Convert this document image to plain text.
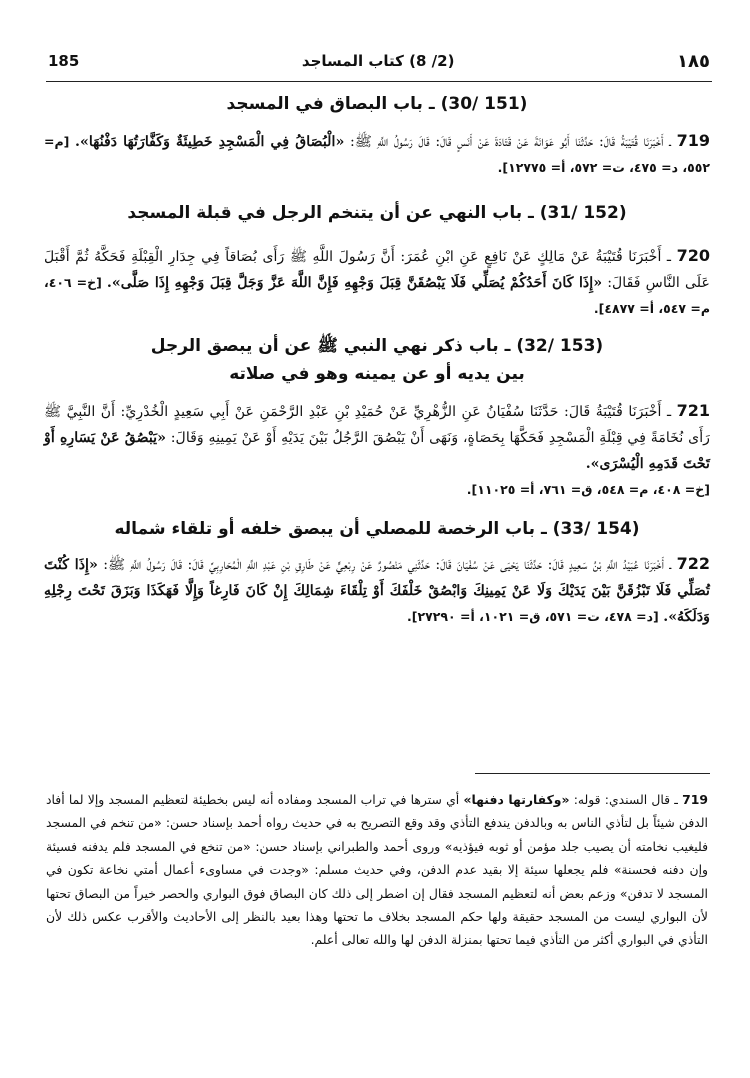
185	(2/ 8) كتاب المساجد	١٨٥

(151 /30) ـ باب البصاق في المسجد

719 ـ أَخْبَرَنَا قُتَيْبَةُ قَالَ: حَدَّثَنَا أَبُو عَوَانَةَ عَنْ قَتَادَةَ عَنْ أَنَسٍ قَالَ: قَالَ رَسُولُ اللَّهِ ﷺ: «الْبُصَاقُ فِي الْمَسْجِدِ خَطِيئَةٌ وَكَفَّارَتُهَا دَفْنُهَا». [م= ٥٥٢، د= ٤٧٥، ت= ٥٧٢، أ= ١٢٧٧٥].

(152 /31) ـ باب النهي عن أن يتنخم الرجل في قبلة المسجد

720 ـ أَخْبَرَنَا قُتَيْبَةُ عَنْ مَالِكٍ عَنْ نَافِعٍ عَنِ ابْنِ عُمَرَ: أَنَّ رَسُولَ اللَّهِ ﷺ رَأَى بُصَاقاً فِي جِدَارِ الْقِبْلَةِ فَحَكَّهُ ثُمَّ أَقْبَلَ عَلَى النَّاسِ فَقَالَ: «إِذَا كَانَ أَحَدُكُمْ يُصَلِّي فَلَا يَبْصُقَنَّ قِبَلَ وَجْهِهِ فَإِنَّ اللَّهَ عَزَّ وَجَلَّ قِبَلَ وَجْهِهِ إِذَا صَلَّى». [خ= ٤٠٦، م= ٥٤٧، أ= ٤٨٧٧].

(153 /32) ـ باب ذكر نهي النبي ﷺ عن أن يبصق الرجل

بين يديه أو عن يمينه وهو في صلاته

721 ـ أَخْبَرَنَا قُتَيْبَةُ قَالَ: حَدَّثَنَا سُفْيَانُ عَنِ الزُّهْرِيِّ عَنْ حُمَيْدِ بْنِ عَبْدِ الرَّحْمَنِ عَنْ أَبِي سَعِيدٍ الْخُدْرِيِّ: أَنَّ النَّبِيَّ ﷺ رَأَى نُخَامَةً فِي قِبْلَةِ الْمَسْجِدِ فَحَكَّهَا بِحَصَاةٍ، وَنَهَى أَنْ يَبْصُقَ الرَّجُلُ بَيْنَ يَدَيْهِ أَوْ عَنْ يَمِينِهِ وَقَالَ: «يَبْصُقُ عَنْ يَسَارِهِ أَوْ تَحْتَ قَدَمِهِ الْيُسْرَى».

[خ= ٤٠٨، م= ٥٤٨، ق= ٧٦١، أ= ١١٠٢٥].

(154 /33) ـ باب الرخصة للمصلي أن يبصق خلفه أو تلقاء شماله

722 ـ أَخْبَرَنَا عُبَيْدُ اللَّهِ بْنُ سَعِيدٍ قَالَ: حَدَّثَنَا يَحْيَى عَنْ سُفْيَانَ قَالَ: حَدَّثَنِي مَنْصُورٌ عَنْ رِبْعِيٍّ عَنْ طَارِقِ بْنِ عَبْدِ اللَّهِ الْمُحَارِبِيِّ قَالَ: قَالَ رَسُولُ اللَّهِ ﷺ: «إِذَا كُنْتَ تُصَلِّي فَلَا تَبْزُقَنَّ بَيْنَ يَدَيْكَ وَلَا عَنْ يَمِينِكَ وَابْصُقْ خَلْفَكَ أَوْ تِلْقَاءَ شِمَالِكَ إِنْ كَانَ فَارِغاً وَإِلَّا فَهَكَذَا وَبَزَقَ تَحْتَ رِجْلِهِ وَدَلَكَهُ». [د= ٤٧٨، ت= ٥٧١، ق= ١٠٢١، أ= ٢٧٢٩٠].

719 ـ قال السندي: قوله: «وكفارتها دفنها» أي سترها في تراب المسجد ومفاده أنه ليس بخطيئة لتعظيم المسجد وإلا لما أفاد الدفن شيئاً بل لتأذي الناس به وبالدفن يندفع التأذي وقد وقع التصريح به في حديث رواه أحمد بإسناد حسن: «من تنخم في المسجد فليغيب نخامته أن يصيب جلد مؤمن أو ثوبه فيؤذيه» وروى أحمد والطبراني بإسناد حسن: «من تنخع في المسجد فلم يدفنه فسيئة وإن دفنه فحسنة» فلم يجعلها سيئة إلا بقيد عدم الدفن، وفي حديث مسلم: «وجدت في مساوىء أعمال أمتي نخاعة تكون في المسجد لا تدفن» وزعم بعض أنه لتعظيم المسجد فقال إن اضطر إلى ذلك كان البصاق فوق البواري والحصر خيراً من البصاق تحتها لأن البواري ليست من المسجد حقيقة ولها حكم المسجد بخلاف ما تحتها وهذا بعيد بالنظر إلى الأحاديث والأقرب عكس ذلك لأن التأذي في البواري أكثر من التأذي فيما تحتها بمنزلة الدفن لها والله تعالى أعلم.
